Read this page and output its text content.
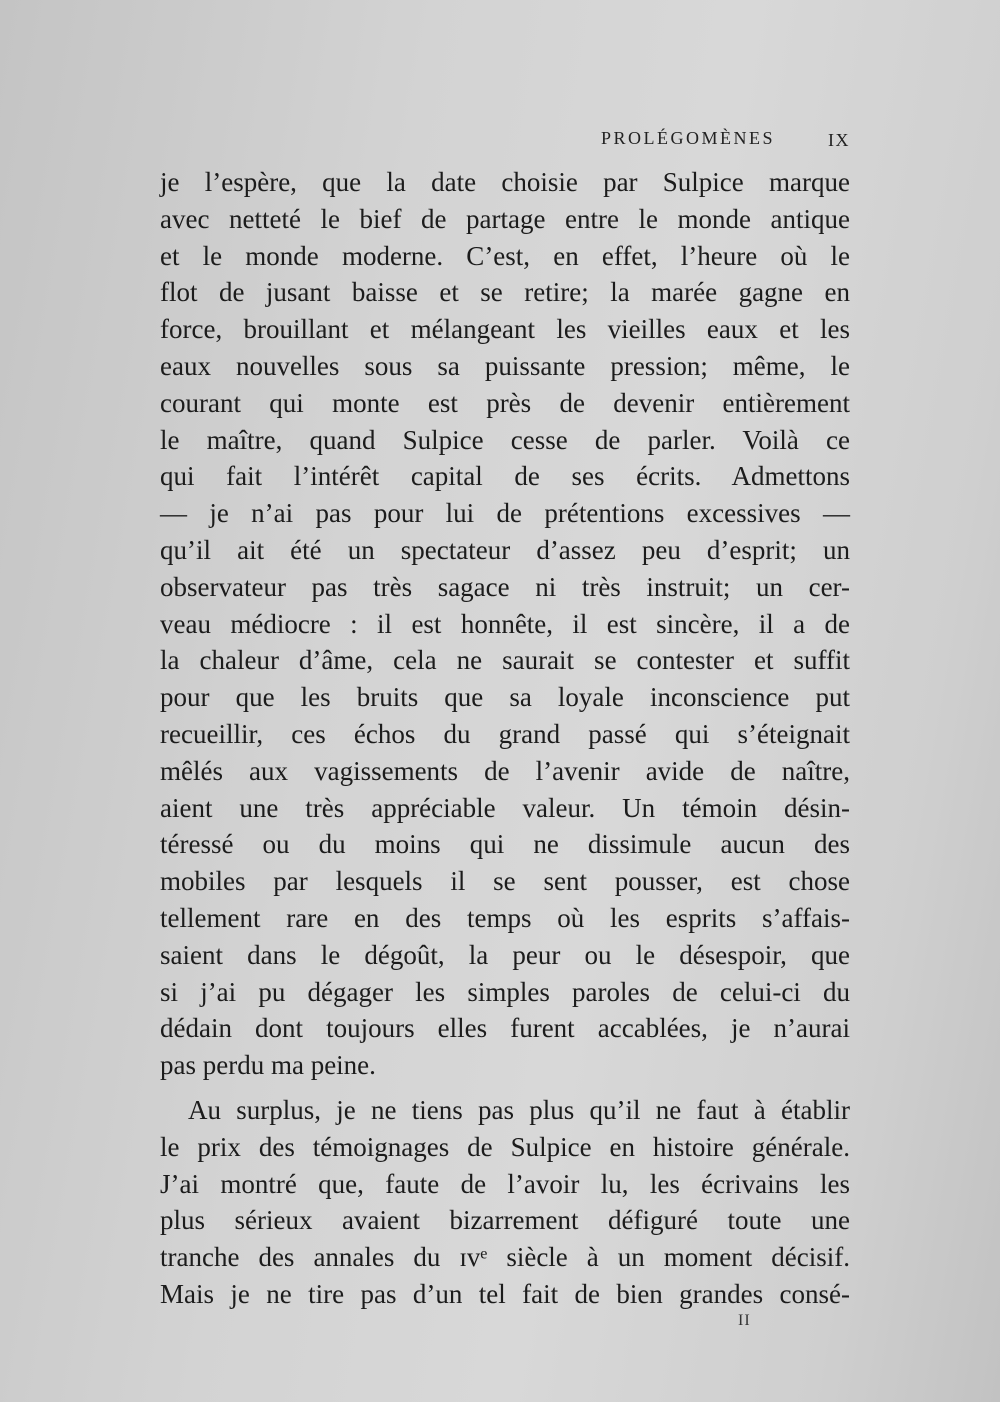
PROLÉGOMÈNES	IX
je l’espère, que la date choisie par Sulpice marque
avec netteté le bief de partage entre le monde antique
et le monde moderne. C’est, en effet, l’heure où le
flot de jusant baisse et se retire; la marée gagne en
force, brouillant et mélangeant les vieilles eaux et les
eaux nouvelles sous sa puissante pression; même, le
courant qui monte est près de devenir entièrement
le maître, quand Sulpice cesse de parler. Voilà ce
qui fait l’intérêt capital de ses écrits. Admettons
— je n’ai pas pour lui de prétentions excessives —
qu’il ait été un spectateur d’assez peu d’esprit; un
observateur pas très sagace ni très instruit; un cer-
veau médiocre : il est honnête, il est sincère, il a de
la chaleur d’âme, cela ne saurait se contester et suffit
pour que les bruits que sa loyale inconscience put
recueillir, ces échos du grand passé qui s’éteignait
mêlés aux vagissements de l’avenir avide de naître,
aient une très appréciable valeur. Un témoin désin-
téressé ou du moins qui ne dissimule aucun des
mobiles par lesquels il se sent pousser, est chose
tellement rare en des temps où les esprits s’affais-
saient dans le dégoût, la peur ou le désespoir, que
si j’ai pu dégager les simples paroles de celui-ci du
dédain dont toujours elles furent accablées, je n’aurai
pas perdu ma peine.
Au surplus, je ne tiens pas plus qu’il ne faut à établir
le prix des témoignages de Sulpice en histoire générale.
J’ai montré que, faute de l’avoir lu, les écrivains les
plus sérieux avaient bizarrement défiguré toute une
tranche des annales du ɪᴠᵉ siècle à un moment décisif.
Mais je ne tire pas d’un tel fait de bien grandes consé-
II
